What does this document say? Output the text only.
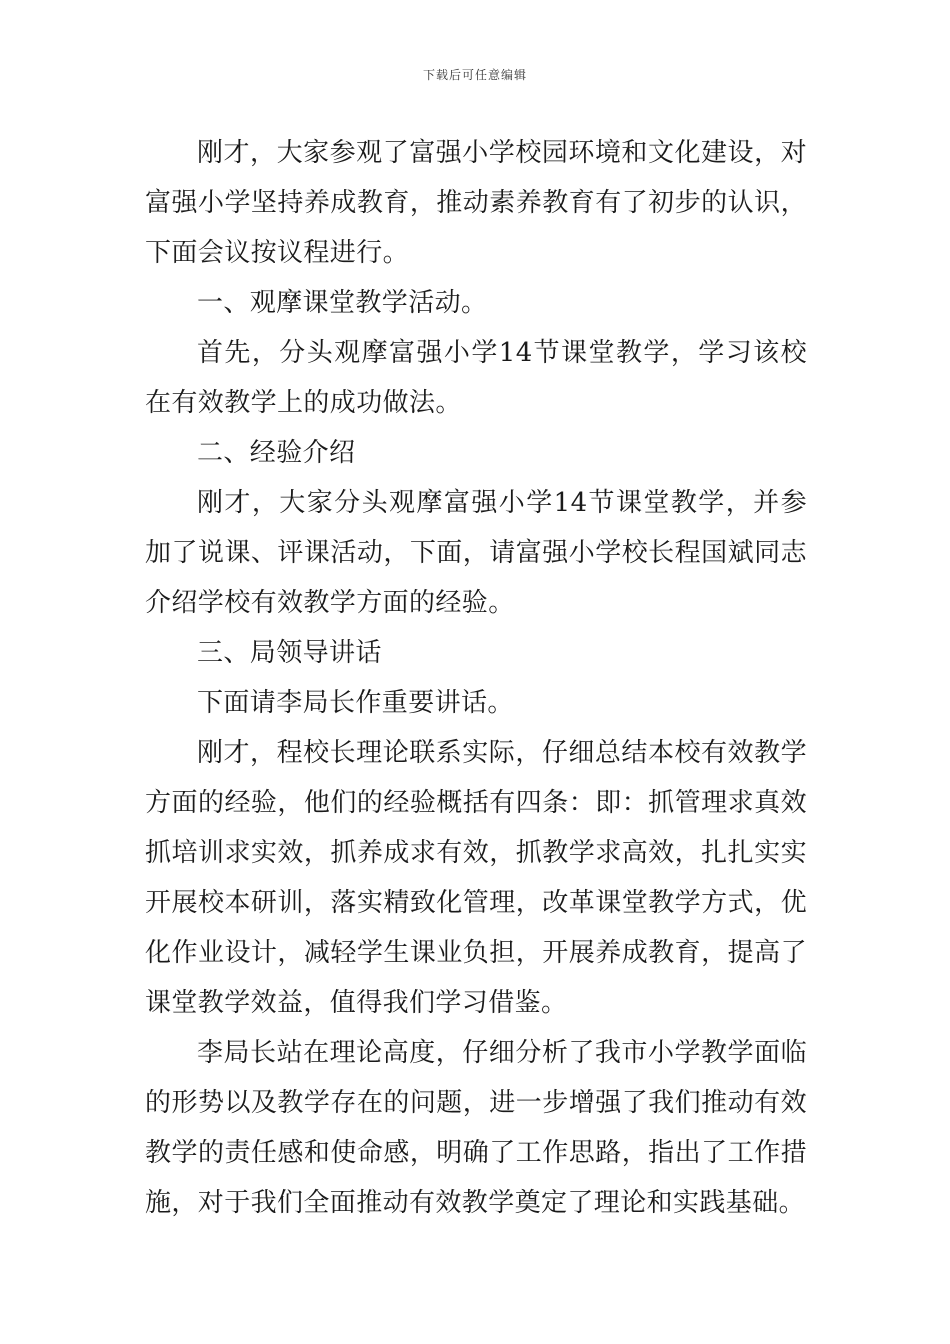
下载后可任意编辑

刚才，大家参观了富强小学校园环境和文化建设，对富强小学坚持养成教育，推动素养教育有了初步的认识，下面会议按议程进行。

一、观摩课堂教学活动。

首先，分头观摩富强小学14节课堂教学，学习该校在有效教学上的成功做法。

二、经验介绍

刚才，大家分头观摩富强小学14节课堂教学，并参加了说课、评课活动，下面，请富强小学校长程国斌同志介绍学校有效教学方面的经验。

三、局领导讲话

下面请李局长作重要讲话。

刚才，程校长理论联系实际，仔细总结本校有效教学方面的经验，他们的经验概括有四条：即：抓管理求真效抓培训求实效，抓养成求有效，抓教学求高效，扎扎实实开展校本研训，落实精致化管理，改革课堂教学方式，优化作业设计，减轻学生课业负担，开展养成教育，提高了课堂教学效益，值得我们学习借鉴。

李局长站在理论高度，仔细分析了我市小学教学面临的形势以及教学存在的问题，进一步增强了我们推动有效教学的责任感和使命感，明确了工作思路，指出了工作措施，对于我们全面推动有效教学奠定了理论和实践基础。
